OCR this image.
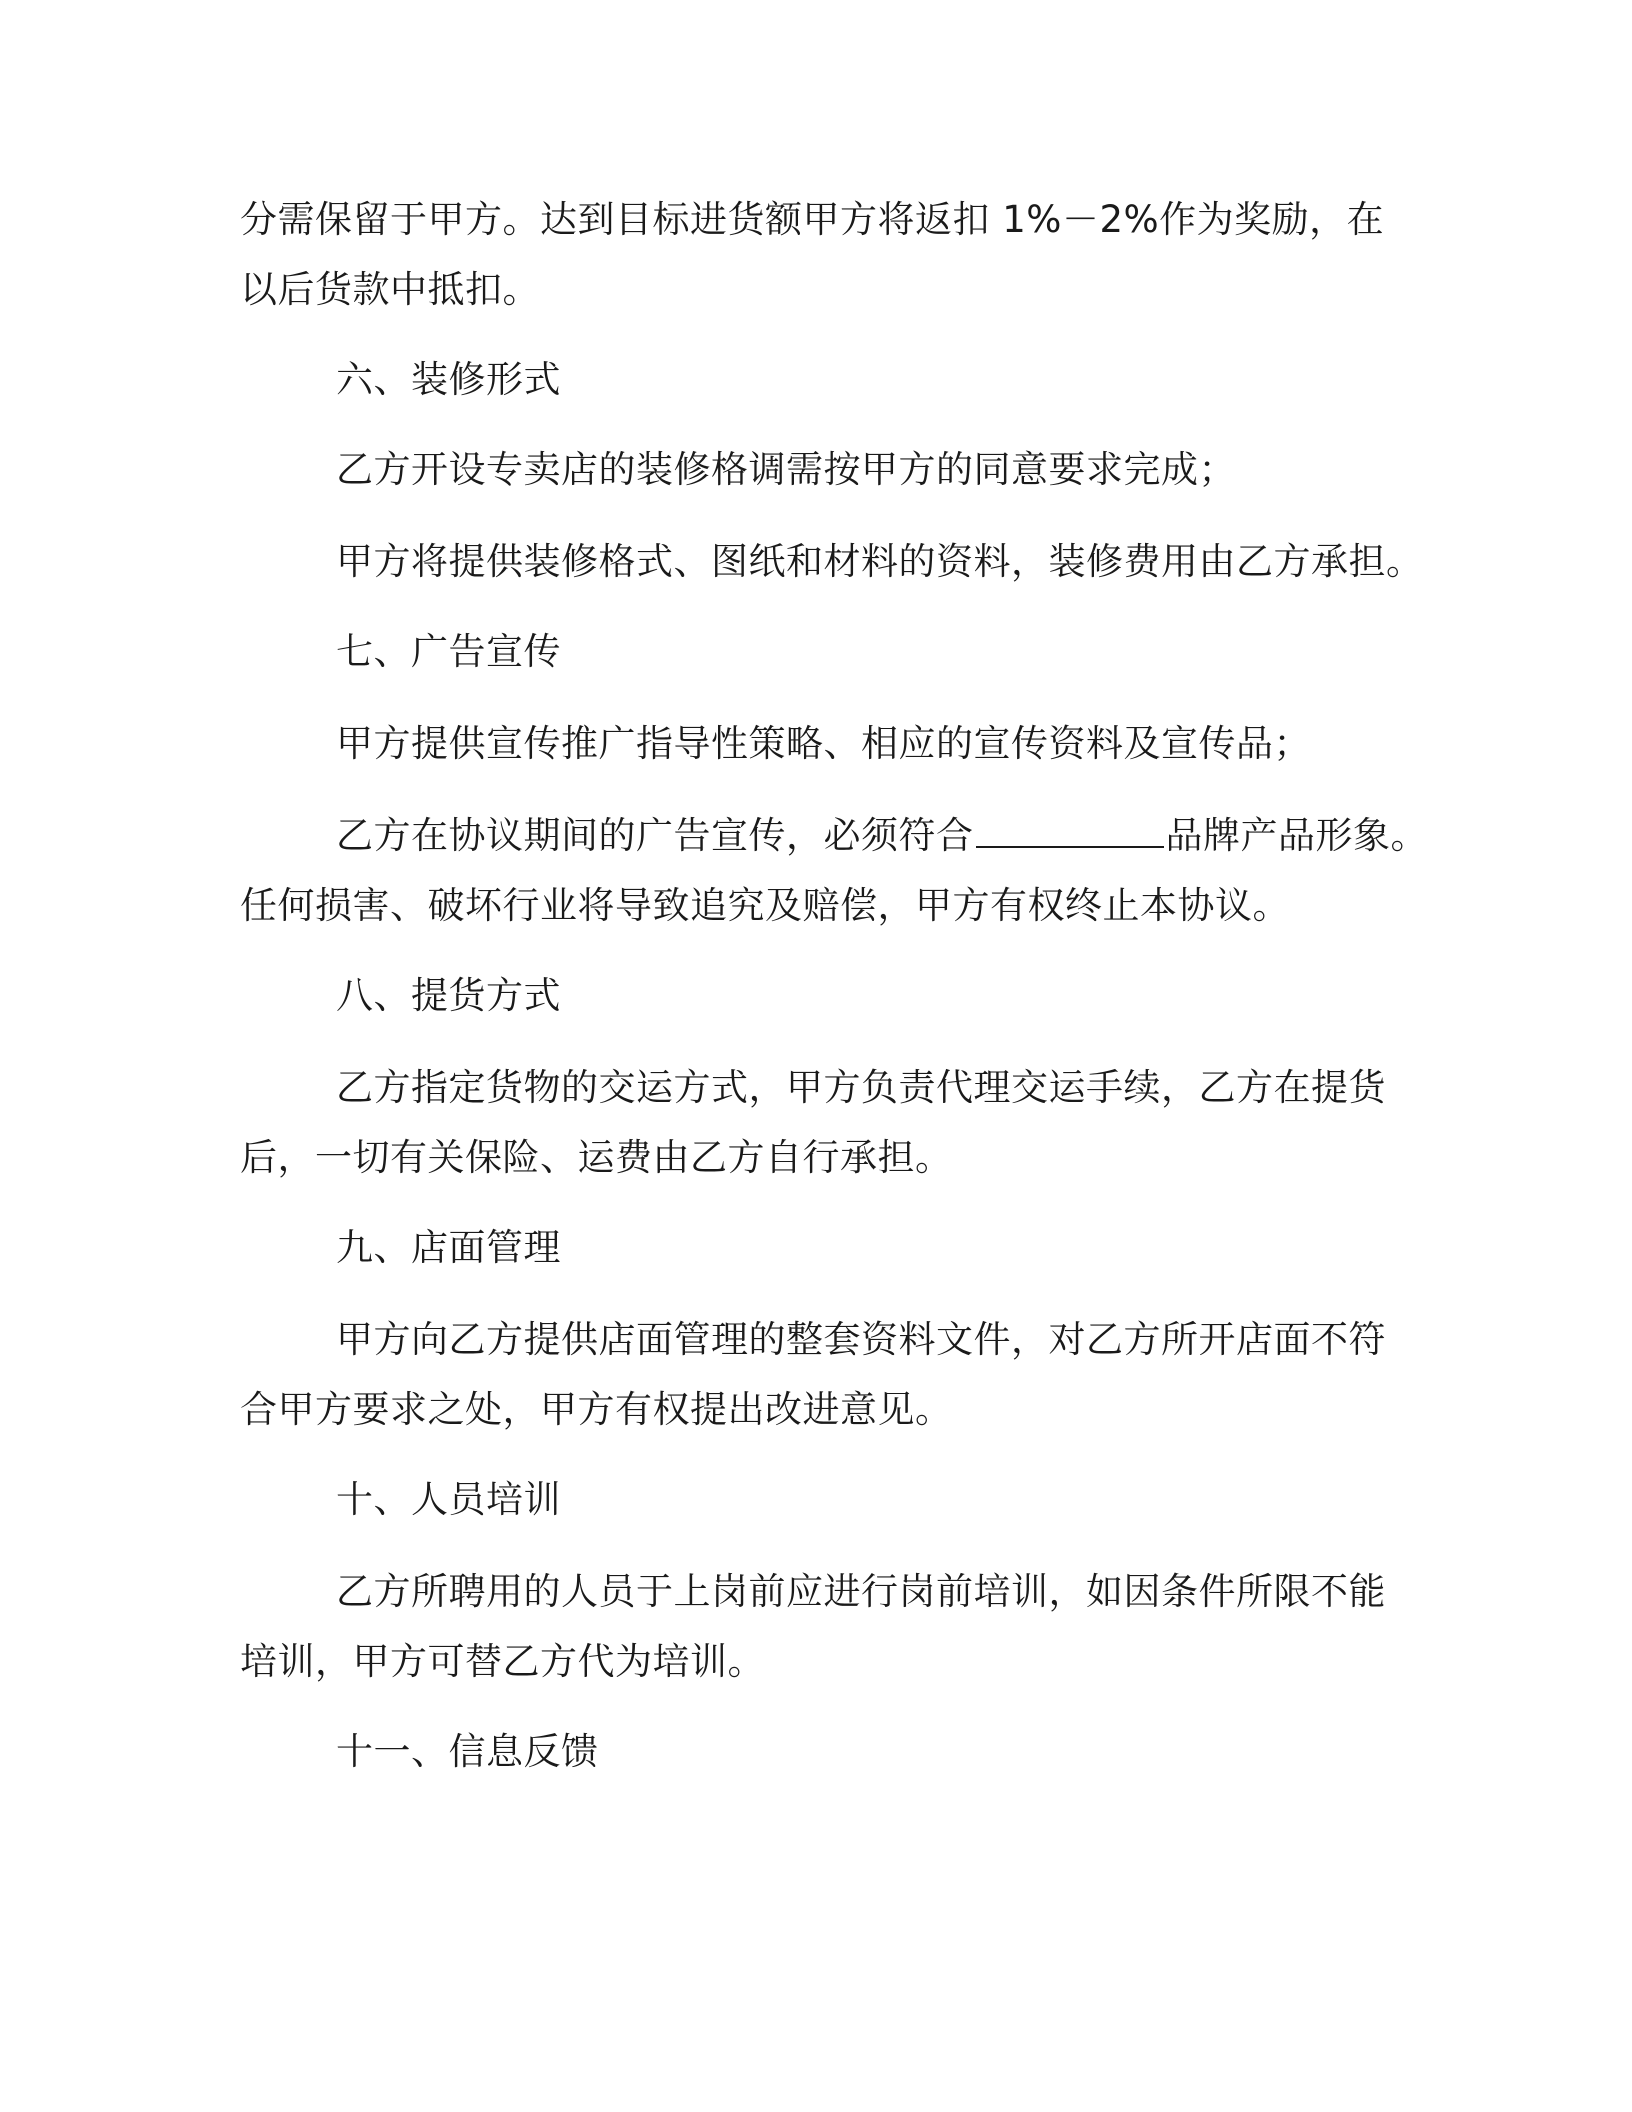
分需保留于甲方。达到目标进货额甲方将返扣 1%－2%作为奖励，在
以后货款中抵扣。
六、装修形式
乙方开设专卖店的装修格调需按甲方的同意要求完成；
甲方将提供装修格式、图纸和材料的资料，装修费用由乙方承担。
七、广告宣传
甲方提供宣传推广指导性策略、相应的宣传资料及宣传品；
乙方在协议期间的广告宣传，必须符合	品牌产品形象。
任何损害、破坏行业将导致追究及赔偿，甲方有权终止本协议。
八、提货方式
乙方指定货物的交运方式，甲方负责代理交运手续，乙方在提货
后，一切有关保险、运费由乙方自行承担。
九、店面管理
甲方向乙方提供店面管理的整套资料文件，对乙方所开店面不符
合甲方要求之处，甲方有权提出改进意见。
十、人员培训
乙方所聘用的人员于上岗前应进行岗前培训，如因条件所限不能
培训，甲方可替乙方代为培训。
十一、信息反馈
